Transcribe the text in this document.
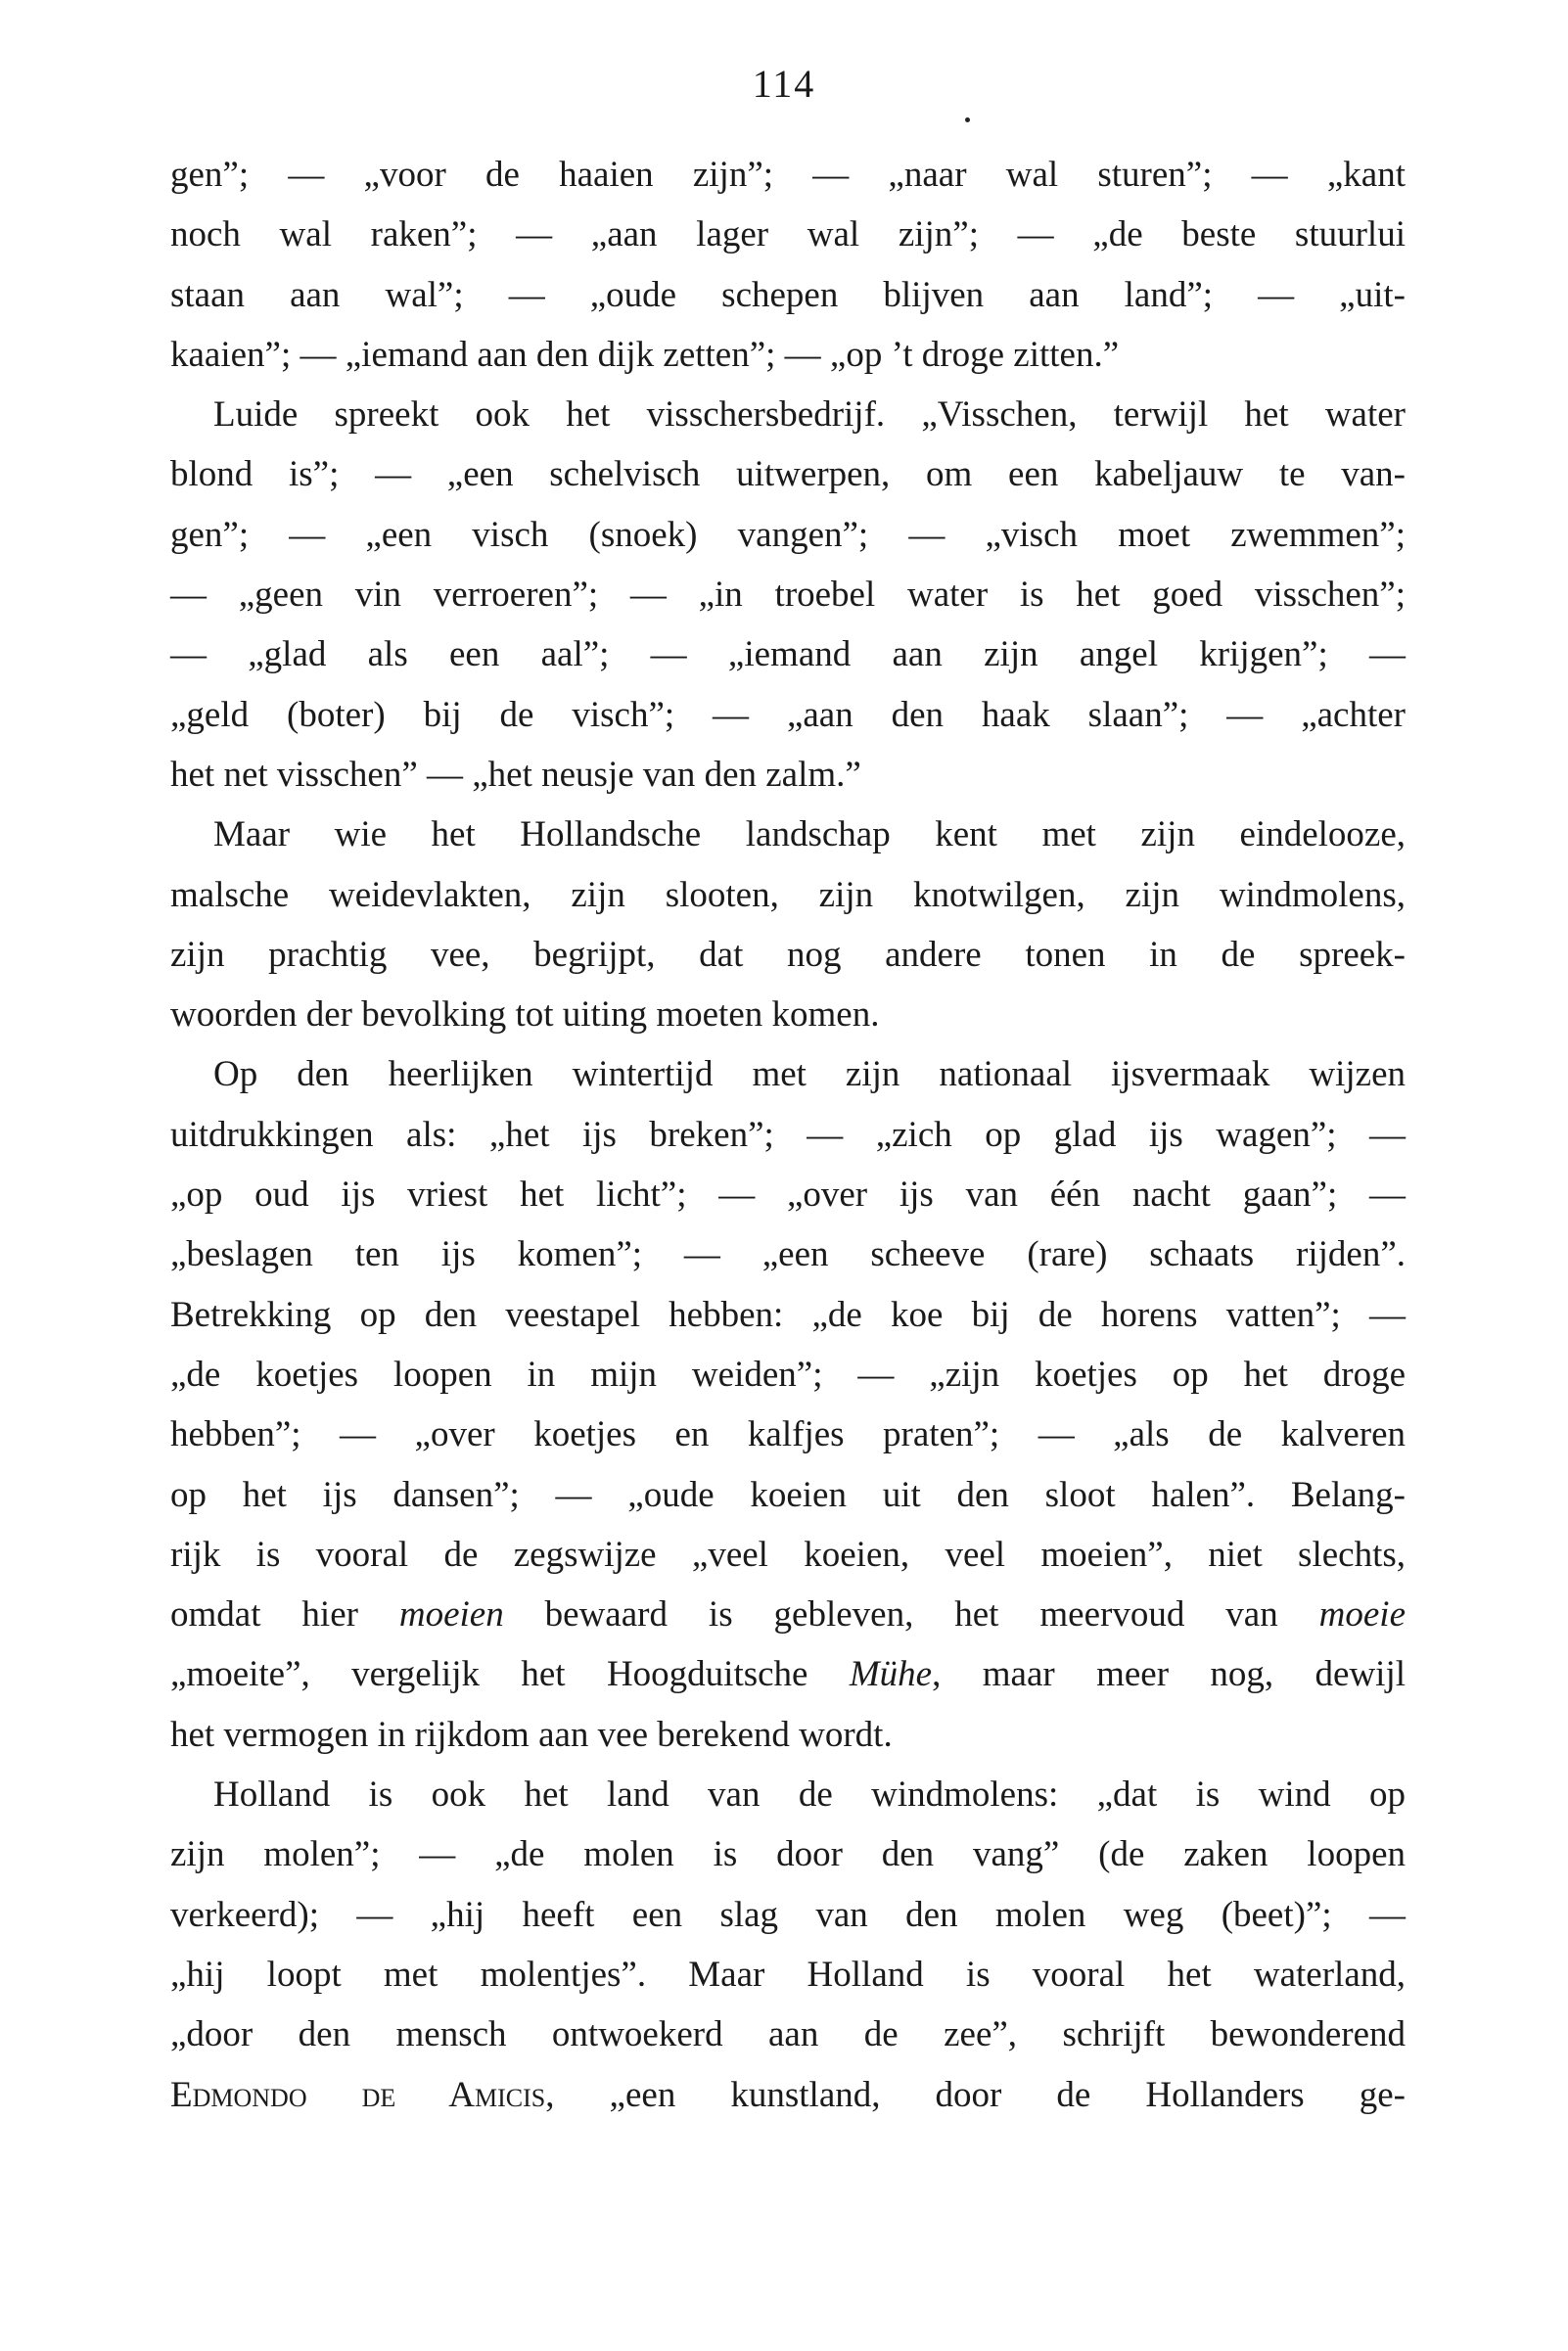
114
gen”; — „voor de haaien zijn”; — „naar wal sturen”; — „kant
noch wal raken”; — „aan lager wal zijn”; — „de beste stuurlui
staan aan wal”; — „oude schepen blijven aan land”; — „uit-
kaaien”; — „iemand aan den dijk zetten”; — „op ’t droge zitten.”
Luide spreekt ook het visschersbedrijf. „Visschen, terwijl het water
blond is”; — „een schelvisch uitwerpen, om een kabeljauw te van-
gen”; — „een visch (snoek) vangen”; — „visch moet zwemmen”;
— „geen vin verroeren”; — „in troebel water is het goed visschen”;
— „glad als een aal”; — „iemand aan zijn angel krijgen”; —
„geld (boter) bij de visch”; — „aan den haak slaan”; — „achter
het net visschen” — „het neusje van den zalm.”
Maar wie het Hollandsche landschap kent met zijn eindelooze,
malsche weidevlakten, zijn slooten, zijn knotwilgen, zijn windmolens,
zijn prachtig vee, begrijpt, dat nog andere tonen in de spreek-
woorden der bevolking tot uiting moeten komen.
Op den heerlijken wintertijd met zijn nationaal ijsvermaak wijzen
uitdrukkingen als: „het ijs breken”; — „zich op glad ijs wagen”; —
„op oud ijs vriest het licht”; — „over ijs van één nacht gaan”; —
„beslagen ten ijs komen”; — „een scheeve (rare) schaats rijden”.
Betrekking op den veestapel hebben: „de koe bij de horens vatten”; —
„de koetjes loopen in mijn weiden”; — „zijn koetjes op het droge
hebben”; — „over koetjes en kalfjes praten”; — „als de kalveren
op het ijs dansen”; — „oude koeien uit den sloot halen”. Belang-
rijk is vooral de zegswijze „veel koeien, veel moeien”, niet slechts,
omdat hier moeien bewaard is gebleven, het meervoud van moeie
„moeite”, vergelijk het Hoogduitsche Mühe, maar meer nog, dewijl
het vermogen in rijkdom aan vee berekend wordt.
Holland is ook het land van de windmolens: „dat is wind op
zijn molen”; — „de molen is door den vang” (de zaken loopen
verkeerd); — „hij heeft een slag van den molen weg (beet)”; —
„hij loopt met molentjes”. Maar Holland is vooral het waterland,
„door den mensch ontwoekerd aan de zee”, schrijft bewonderend
Edmondo de Amicis, „een kunstland, door de Hollanders ge-
